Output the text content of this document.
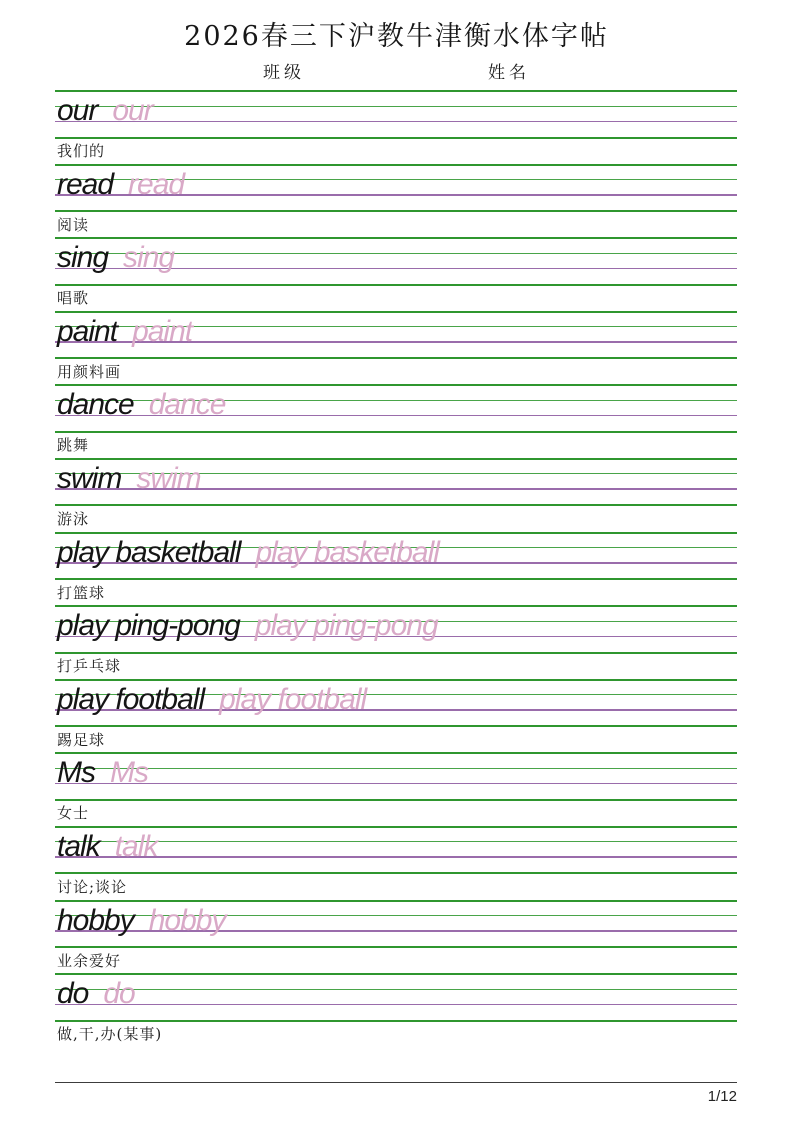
2026春三下沪教牛津衡水体字帖
班级	姓名
our our
我们的
read read
阅读
sing sing
唱歌
paint paint
用颜料画
dance dance
跳舞
swim swim
游泳
play basketball play basketball
打篮球
play ping-pong play ping-pong
打乒乓球
play football play football
踢足球
Ms Ms
女士
talk talk
讨论;谈论
hobby hobby
业余爱好
do do
做,干,办(某事)
1/12
